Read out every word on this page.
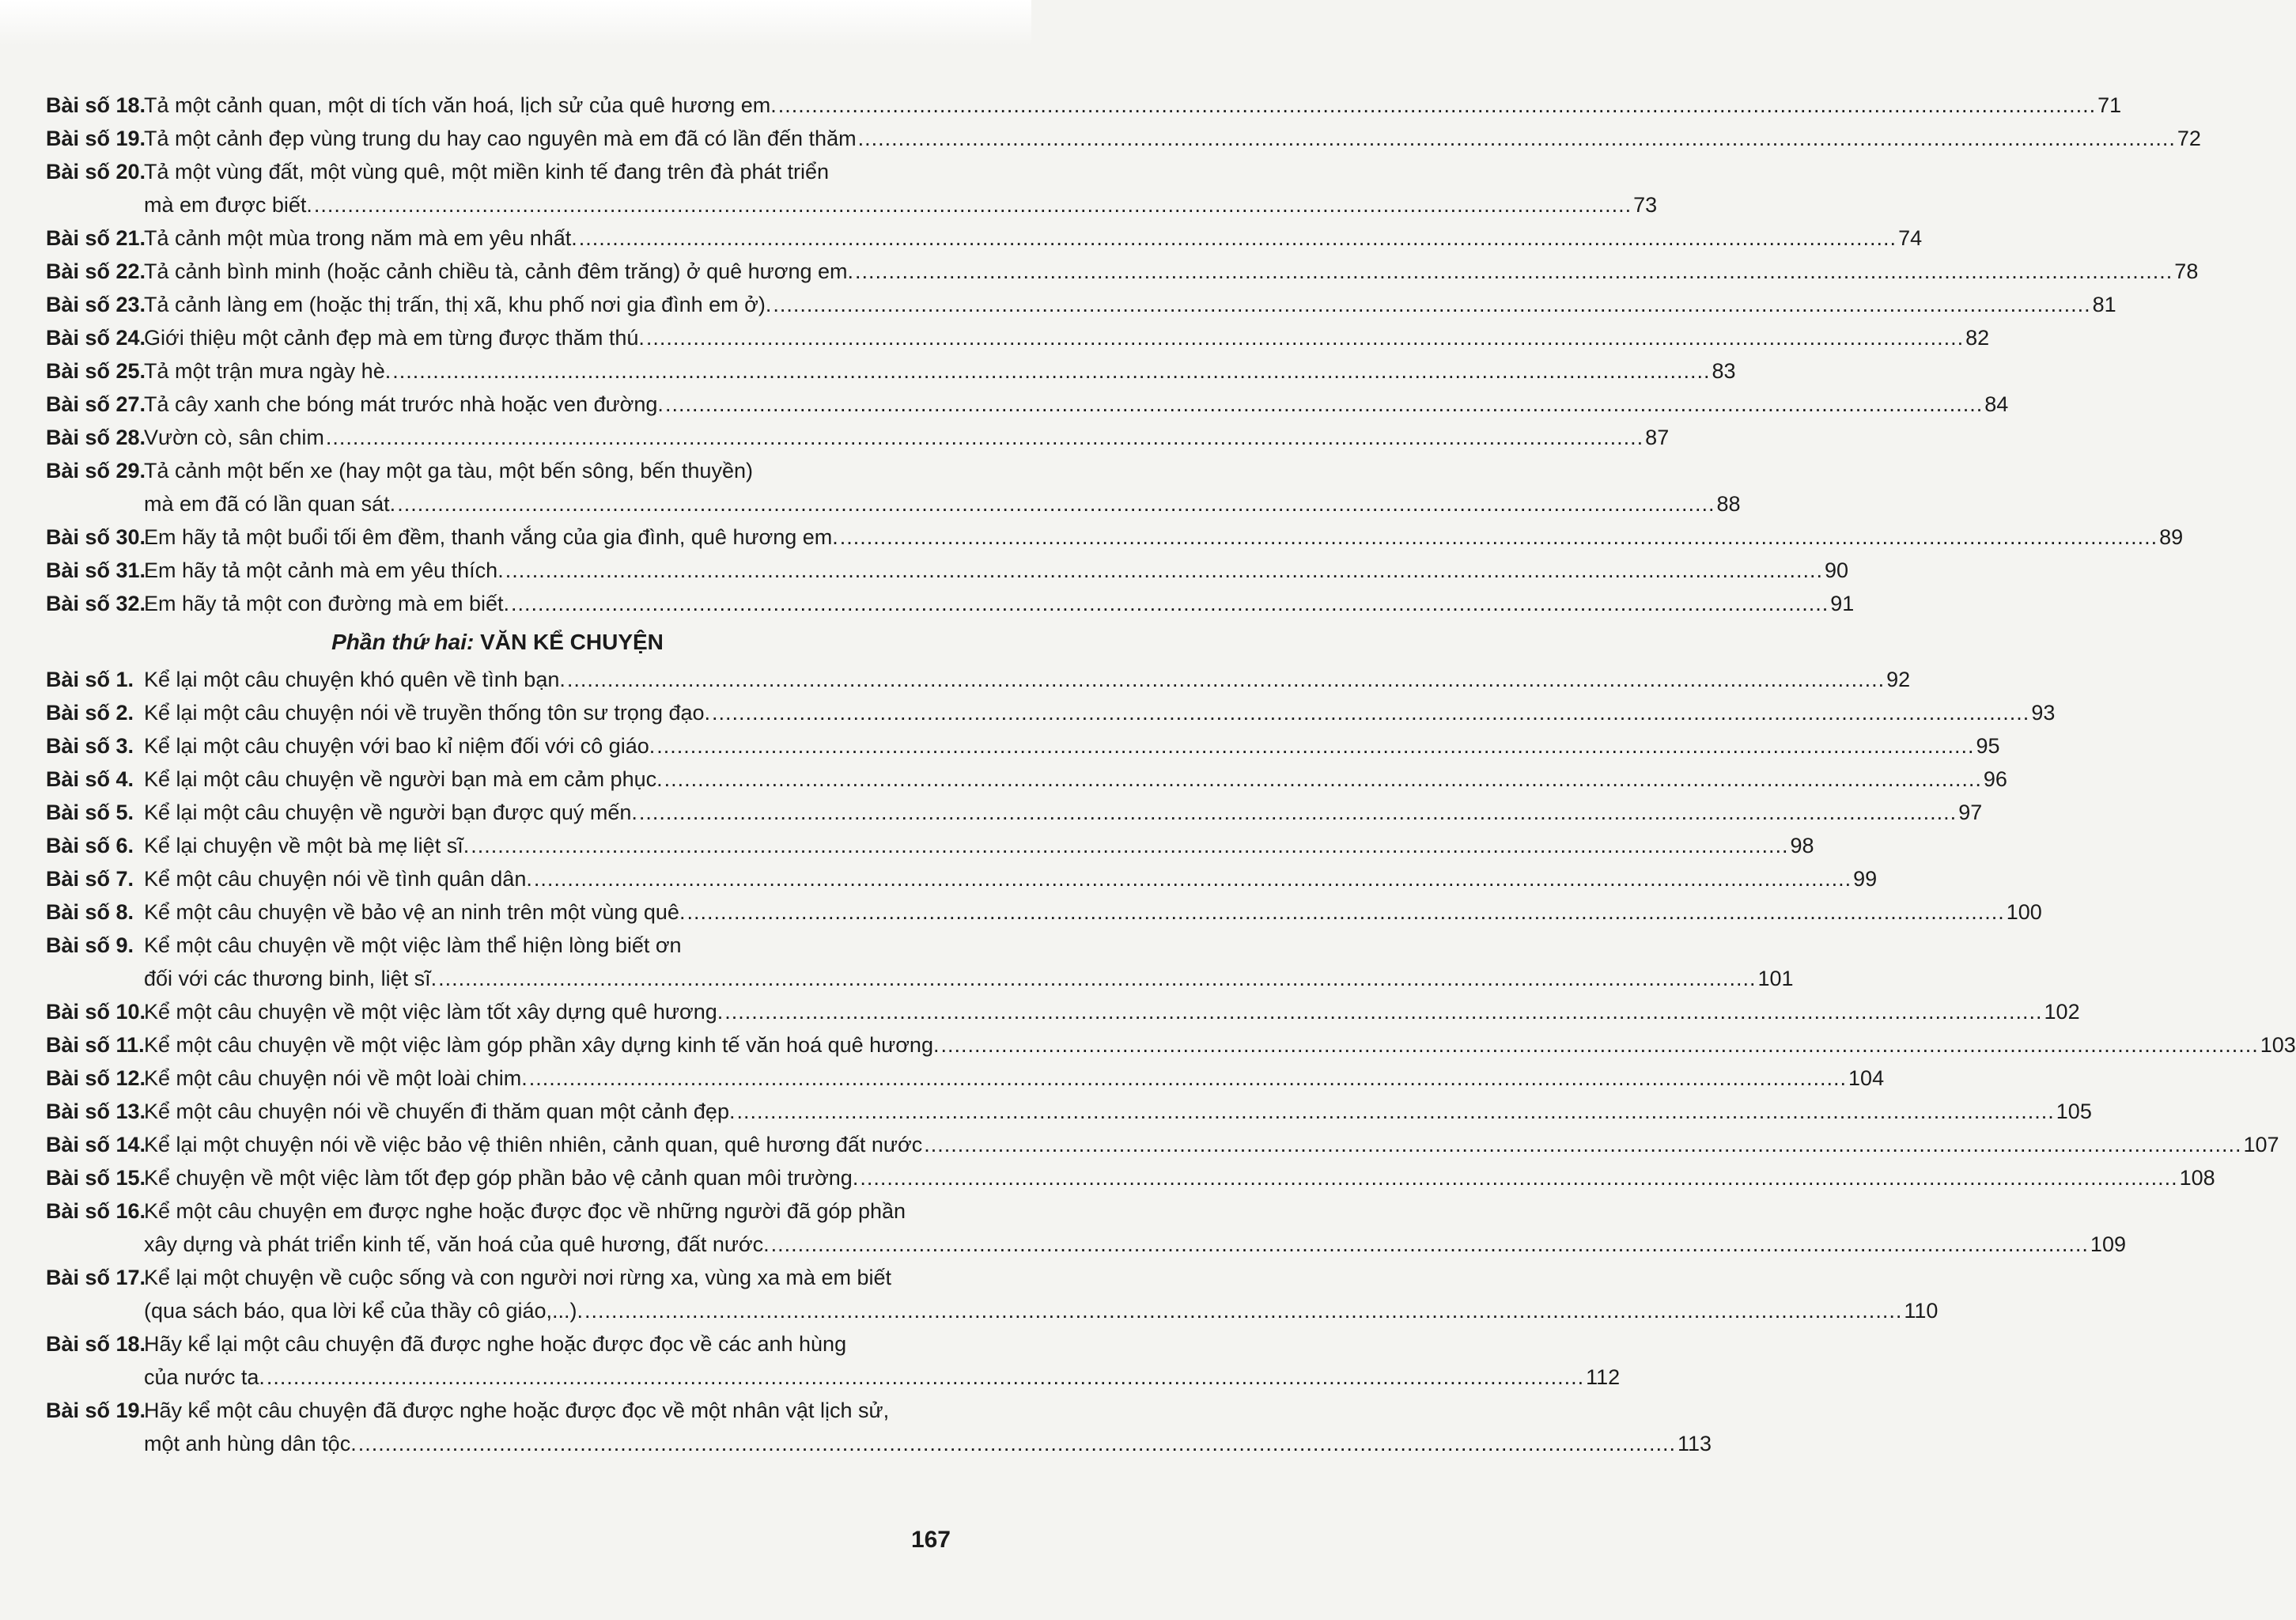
Bài số 18.
Tả một cảnh quan, một di tích văn hoá, lịch sử của quê hương em. .....	71
Bài số 19.
Tả một cảnh đẹp vùng trung du hay cao nguyên mà em đã có lần đến thăm .....	72
Bài số 20.
Tả một vùng đất, một vùng quê, một miền kinh tế đang trên đà phát triển
mà em được biết. .....	73
Bài số 21.
Tả cảnh một mùa trong năm mà em yêu nhất. .....	74
Bài số 22.
Tả cảnh bình minh (hoặc cảnh chiều tà, cảnh đêm trăng) ở quê hương em. .....	78
Bài số 23.
Tả cảnh làng em (hoặc thị trấn, thị xã, khu phố nơi gia đình em ở). .....	81
Bài số 24.
Giới thiệu một cảnh đẹp mà em từng được thăm thú. .....	82
Bài số 25.
Tả một trận mưa ngày hè. .....	83
Bài số 27.
Tả cây xanh che bóng mát trước nhà hoặc ven đường. .....	84
Bài số 28.
Vườn cò, sân chim .....	87
Bài số 29.
Tả cảnh một bến xe (hay một ga tàu, một bến sông, bến thuyền)
mà em đã có lần quan sát. .....	88
Bài số 30.
Em hãy tả một buổi tối êm đềm, thanh vắng của gia đình, quê hương em. .....	89
Bài số 31.
Em hãy tả một cảnh mà em yêu thích. .....	90
Bài số 32.
Em hãy tả một con đường mà em biết. .....	91
Phần thứ hai: VĂN KỂ CHUYỆN
Bài số 1. Kể lại một câu chuyện khó quên về tình bạn. .....	92
Bài số 2. Kể lại một câu chuyện nói về truyền thống tôn sư trọng đạo. .....	93
Bài số 3. Kể lại một câu chuyện với bao kỉ niệm đối với cô giáo. .....	95
Bài số 4. Kể lại một câu chuyện về người bạn mà em cảm phục. .....	96
Bài số 5. Kể lại một câu chuyện về người bạn được quý mến. .....	97
Bài số 6. Kể lại chuyện về một bà mẹ liệt sĩ. .....	98
Bài số 7. Kể một câu chuyện nói về tình quân dân. .....	99
Bài số 8. Kể một câu chuyện về bảo vệ an ninh trên một vùng quê. .....	100
Bài số 9. Kể một câu chuyện về một việc làm thể hiện lòng biết ơn
đối với các thương binh, liệt sĩ. .....	101
Bài số 10.
Kể một câu chuyện về một việc làm tốt xây dựng quê hương. .....	102
Bài số 11. Kể một câu chuyện về một việc làm góp phần xây dựng kinh tế văn hoá quê hương. .....	103
Bài số 12.
Kể một câu chuyện nói về một loài chim. .....	104
Bài số 13.
Kể một câu chuyện nói về chuyến đi thăm quan một cảnh đẹp. .....	105
Bài số 14.
Kể lại một chuyện nói về việc bảo vệ thiên nhiên, cảnh quan, quê hương đất nước .....	107
Bài số 15.
Kể chuyện về một việc làm tốt đẹp góp phần bảo vệ cảnh quan môi trường. .....	108
Bài số 16.
Kể một câu chuyện em được nghe hoặc được đọc về những người đã góp phần
xây dựng và phát triển kinh tế, văn hoá của quê hương, đất nước. .....	109
Bài số 17.
Kể lại một chuyện về cuộc sống và con người nơi rừng xa, vùng xa mà em biết
(qua sách báo, qua lời kể của thầy cô giáo,...). .....	110
Bài số 18.
Hãy kể lại một câu chuyện đã được nghe hoặc được đọc về các anh hùng
của nước ta. .....	112
Bài số 19.
Hãy kể một câu chuyện đã được nghe hoặc được đọc về một nhân vật lịch sử,
một anh hùng dân tộc. .....	113
167
